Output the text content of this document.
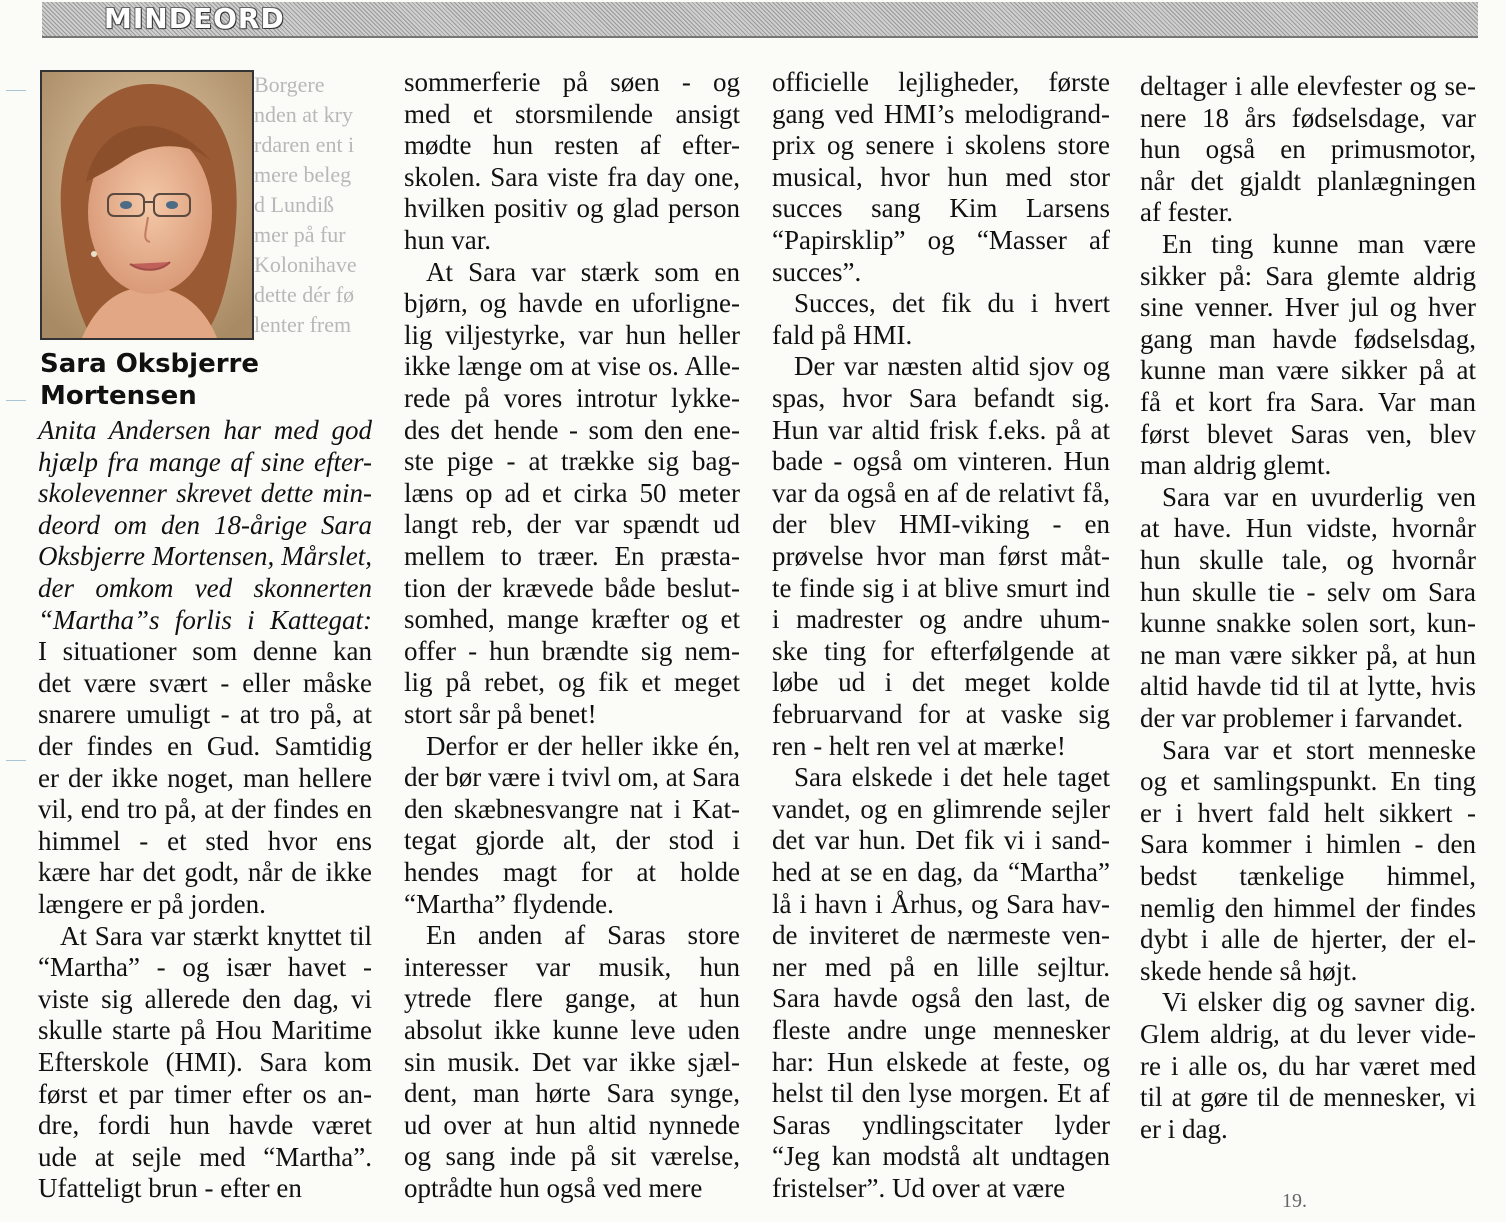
MINDEORD
Borgere
nden at kry
rdaren ent i
mere beleg
d Lundiß
mer på fur
Kolonihave
dette dér fø
lenter frem
Sara Oksbjerre
Mortensen
Anita Andersen har med god
hjælp fra mange af sine efter-
skolevenner skrevet dette min-
deord om den 18-årige Sara
Oksbjerre Mortensen, Mårslet,
der omkom ved skonnerten
“Martha”s forlis i Kattegat:
I situationer som denne kan
det være svært - eller måske
snarere umuligt - at tro på, at
der findes en Gud. Samtidig
er der ikke noget, man hellere
vil, end tro på, at der findes en
himmel - et sted hvor ens
kære har det godt, når de ikke
længere er på jorden.
At Sara var stærkt knyttet til
“Martha” - og især havet -
viste sig allerede den dag, vi
skulle starte på Hou Maritime
Efterskole (HMI). Sara kom
først et par timer efter os an-
dre, fordi hun havde været
ude at sejle med “Martha”.
Ufatteligt brun - efter en
sommerferie på søen - og
med et storsmilende ansigt
mødte hun resten af efter-
skolen. Sara viste fra day one,
hvilken positiv og glad person
hun var.
At Sara var stærk som en
bjørn, og havde en uforligne-
lig viljestyrke, var hun heller
ikke længe om at vise os. Alle-
rede på vores introtur lykke-
des det hende - som den ene-
ste pige - at trække sig bag-
læns op ad et cirka 50 meter
langt reb, der var spændt ud
mellem to træer. En præsta-
tion der krævede både beslut-
somhed, mange kræfter og et
offer - hun brændte sig nem-
lig på rebet, og fik et meget
stort sår på benet!
Derfor er der heller ikke én,
der bør være i tvivl om, at Sara
den skæbnesvangre nat i Kat-
tegat gjorde alt, der stod i
hendes magt for at holde
“Martha” flydende.
En anden af Saras store
interesser var musik, hun
ytrede flere gange, at hun
absolut ikke kunne leve uden
sin musik. Det var ikke sjæl-
dent, man hørte Sara synge,
ud over at hun altid nynnede
og sang inde på sit værelse,
optrådte hun også ved mere
officielle lejligheder, første
gang ved HMI’s melodigrand-
prix og senere i skolens store
musical, hvor hun med stor
succes sang Kim Larsens
“Papirsklip” og “Masser af
succes”.
Succes, det fik du i hvert
fald på HMI.
Der var næsten altid sjov og
spas, hvor Sara befandt sig.
Hun var altid frisk f.eks. på at
bade - også om vinteren. Hun
var da også en af de relativt få,
der blev HMI-viking - en
prøvelse hvor man først måt-
te finde sig i at blive smurt ind
i madrester og andre uhum-
ske ting for efterfølgende at
løbe ud i det meget kolde
februarvand for at vaske sig
ren - helt ren vel at mærke!
Sara elskede i det hele taget
vandet, og en glimrende sejler
det var hun. Det fik vi i sand-
hed at se en dag, da “Martha”
lå i havn i Århus, og Sara hav-
de inviteret de nærmeste ven-
ner med på en lille sejltur.
Sara havde også den last, de
fleste andre unge mennesker
har: Hun elskede at feste, og
helst til den lyse morgen. Et af
Saras yndlingscitater lyder
“Jeg kan modstå alt undtagen
fristelser”. Ud over at være
deltager i alle elevfester og se-
nere 18 års fødselsdage, var
hun også en primusmotor,
når det gjaldt planlægningen
af fester.
En ting kunne man være
sikker på: Sara glemte aldrig
sine venner. Hver jul og hver
gang man havde fødselsdag,
kunne man være sikker på at
få et kort fra Sara. Var man
først blevet Saras ven, blev
man aldrig glemt.
Sara var en uvurderlig ven
at have. Hun vidste, hvornår
hun skulle tale, og hvornår
hun skulle tie - selv om Sara
kunne snakke solen sort, kun-
ne man være sikker på, at hun
altid havde tid til at lytte, hvis
der var problemer i farvandet.
Sara var et stort menneske
og et samlingspunkt. En ting
er i hvert fald helt sikkert -
Sara kommer i himlen - den
bedst tænkelige himmel,
nemlig den himmel der findes
dybt i alle de hjerter, der el-
skede hende så højt.
Vi elsker dig og savner dig.
Glem aldrig, at du lever vide-
re i alle os, du har været med
til at gøre til de mennesker, vi
er i dag.
19.
